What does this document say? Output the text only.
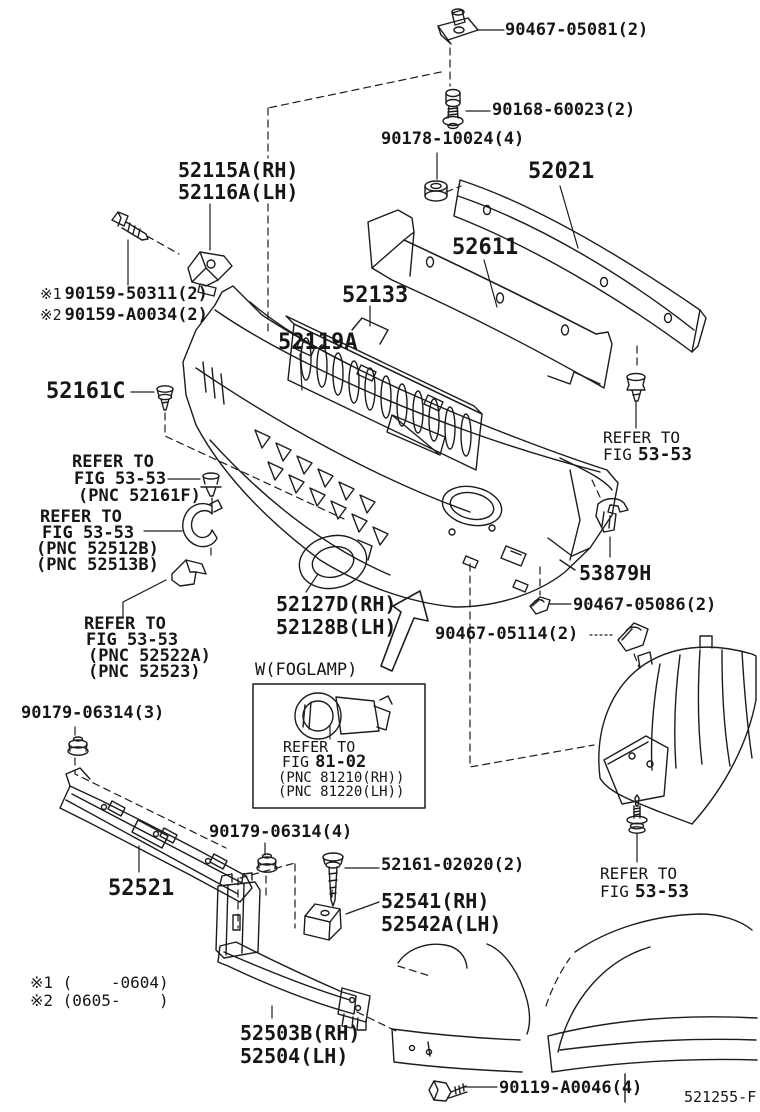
90467-05081(2)
90168-60023(2)
90178-10024(4)
52021
52115A(RH)
52116A(LH)
52611
※1 90159-50311(2)
※2 90159-A0034(2)
52133
52119A
52161C
REFER TO
FIG 53-53
REFER TO
FIG 53-53
(PNC 52161F)
REFER TO
FIG 53-53
(PNC 52512B)
(PNC 52513B)	53879H
90467-05086(2)
52127D(RH)
52128B(LH) 90467-05114(2)
REFER TO
FIG 53-53
(PNC 52522A)
(PNC 52523)	W(FOGLAMP)
REFER TO
FIG 81-02
(PNC 81210(RH))
(PNC 81220(LH))
90179-06314(3)
52521
90179-06314(4)
52161-02020(2)
52541(RH)
52542A(LH)
REFER TO
FIG 53-53
※1 (    -0604)
※2 (0605-    )
52503B(RH)
52504(LH)
90119-A0046(4)	521255-F
